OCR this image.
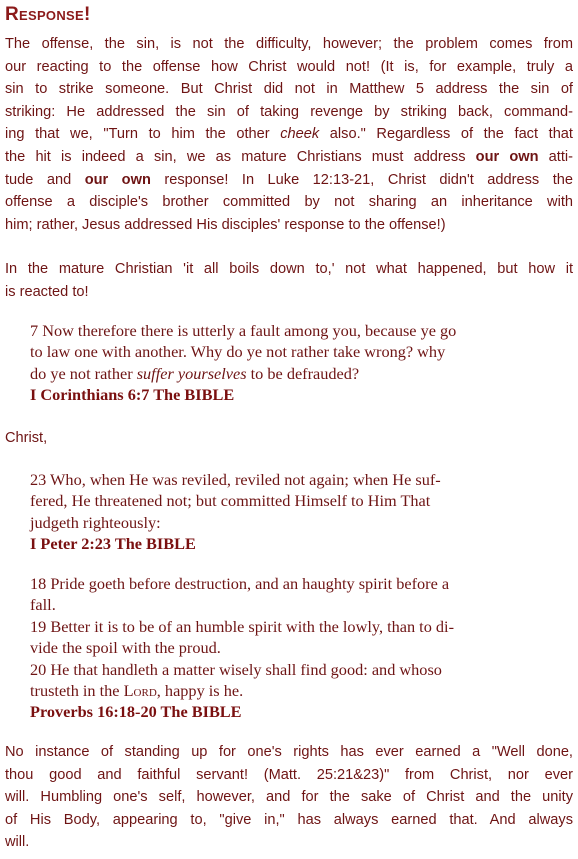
Response!
The offense, the sin, is not the difficulty, however; the problem comes from
our reacting to the offense how Christ would not! (It is, for example, truly a
sin to strike someone. But Christ did not in Matthew 5 address the sin of
striking: He addressed the sin of taking revenge by striking back, command-
ing that we, "Turn to him the other cheek also." Regardless of the fact that
the hit is indeed a sin, we as mature Christians must address our own atti-
tude and our own response! In Luke 12:13-21, Christ didn't address the
offense a disciple's brother committed by not sharing an inheritance with
him; rather, Jesus addressed His disciples' response to the offense!)
In the mature Christian 'it all boils down to,' not what happened, but how it
is reacted to!
7 Now therefore there is utterly a fault among you, because ye go
to law one with another. Why do ye not rather take wrong? why
do ye not rather suffer yourselves to be defrauded?
I Corinthians 6:7 The BIBLE
Christ,
23 Who, when He was reviled, reviled not again; when He suf-
fered, He threatened not; but committed Himself to Him That
judgeth righteously:
I Peter 2:23 The BIBLE
18 Pride goeth before destruction, and an haughty spirit before a
fall.
19 Better it is to be of an humble spirit with the lowly, than to di-
vide the spoil with the proud.
20 He that handleth a matter wisely shall find good: and whoso
trusteth in the Lord, happy is he.
Proverbs 16:18-20 The BIBLE
No instance of standing up for one's rights has ever earned a "Well done,
thou good and faithful servant! (Matt. 25:21&23)" from Christ, nor ever
will. Humbling one's self, however, and for the sake of Christ and the unity
of His Body, appearing to, "give in," has always earned that. And always
will.
